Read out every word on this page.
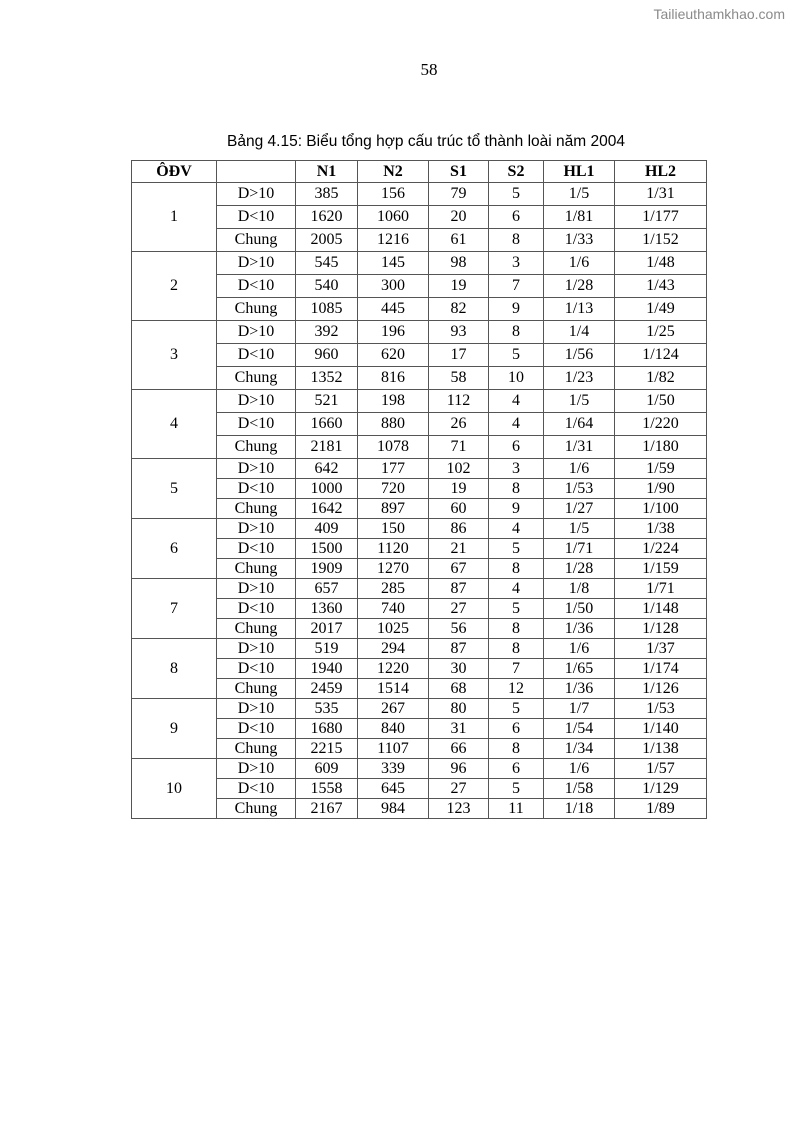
Tailieuthamkhao.com
58
Bảng 4.15: Biểu tổng hợp cấu trúc tổ thành loài năm 2004
ÔĐV		N1	N2	S1	S2	HL1	HL2
1	D>10	385	156	79	5	1/5	1/31
	D<10	1620	1060	20	6	1/81	1/177
	Chung	2005	1216	61	8	1/33	1/152
2	D>10	545	145	98	3	1/6	1/48
	D<10	540	300	19	7	1/28	1/43
	Chung	1085	445	82	9	1/13	1/49
3	D>10	392	196	93	8	1/4	1/25
	D<10	960	620	17	5	1/56	1/124
	Chung	1352	816	58	10	1/23	1/82
4	D>10	521	198	112	4	1/5	1/50
	D<10	1660	880	26	4	1/64	1/220
	Chung	2181	1078	71	6	1/31	1/180
5	D>10	642	177	102	3	1/6	1/59
	D<10	1000	720	19	8	1/53	1/90
	Chung	1642	897	60	9	1/27	1/100
6	D>10	409	150	86	4	1/5	1/38
	D<10	1500	1120	21	5	1/71	1/224
	Chung	1909	1270	67	8	1/28	1/159
7	D>10	657	285	87	4	1/8	1/71
	D<10	1360	740	27	5	1/50	1/148
	Chung	2017	1025	56	8	1/36	1/128
8	D>10	519	294	87	8	1/6	1/37
	D<10	1940	1220	30	7	1/65	1/174
	Chung	2459	1514	68	12	1/36	1/126
9	D>10	535	267	80	5	1/7	1/53
	D<10	1680	840	31	6	1/54	1/140
	Chung	2215	1107	66	8	1/34	1/138
10	D>10	609	339	96	6	1/6	1/57
	D<10	1558	645	27	5	1/58	1/129
	Chung	2167	984	123	11	1/18	1/89
